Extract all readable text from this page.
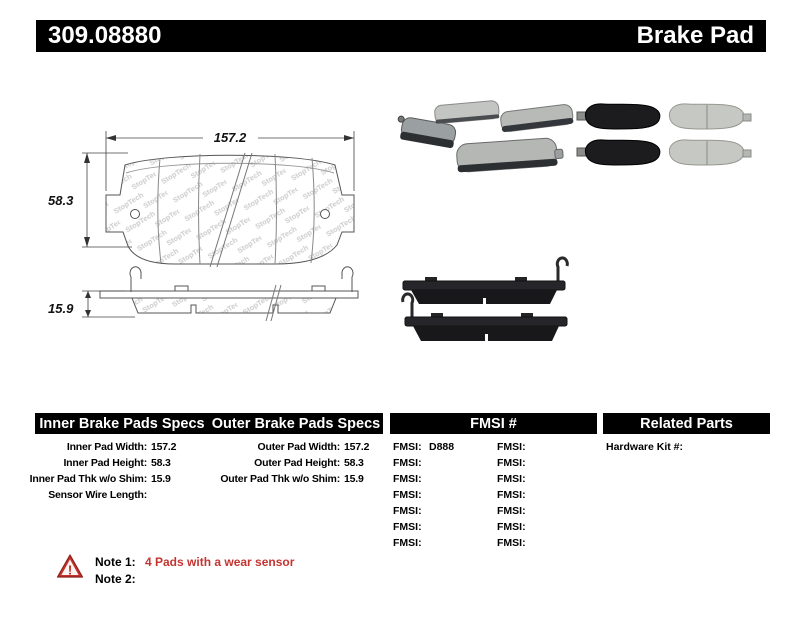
309.08880	Brake Pad
157.2
58.3
15.9
Inner Brake Pads Specs Outer Brake Pads Specs	FMSI #	Related Parts
Inner Pad Width: 157.2
Inner Pad Height: 58.3
Inner Pad Thk w/o Shim: 15.9
Sensor Wire Length:
Outer Pad Width: 157.2
Outer Pad Height: 58.3
Outer Pad Thk w/o Shim: 15.9
FMSI: D888
FMSI:
FMSI:
FMSI:
FMSI:
FMSI:
FMSI:
FMSI:
FMSI:
FMSI:
FMSI:
FMSI:
FMSI:
FMSI:
Hardware Kit #:
!
Note 1: 4 Pads with a wear sensor
Note 2:
